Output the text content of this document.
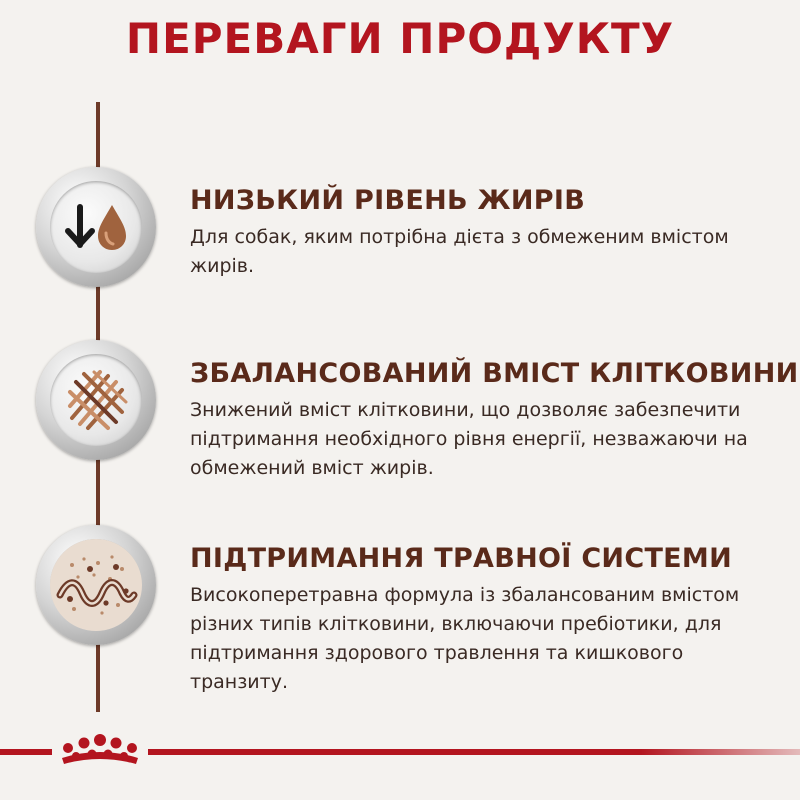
ПЕРЕВАГИ ПРОДУКТУ
НИЗЬКИЙ РІВЕНЬ ЖИРІВ
Для собак, яким потрібна дієта з обмеженим вмістом жирів.
ЗБАЛАНСОВАНИЙ ВМІСТ КЛІТКОВИНИ
Знижений вміст клітковини, що дозволяє забезпечити підтримання необхідного рівня енергії, незважаючи на обмежений вміст жирів.
ПІДТРИМАННЯ ТРАВНОЇ СИСТЕМИ
Високоперетравна формула із збалансованим вмістом різних типів клітковини, включаючи пребіотики, для підтримання здорового травлення та кишкового транзиту.
